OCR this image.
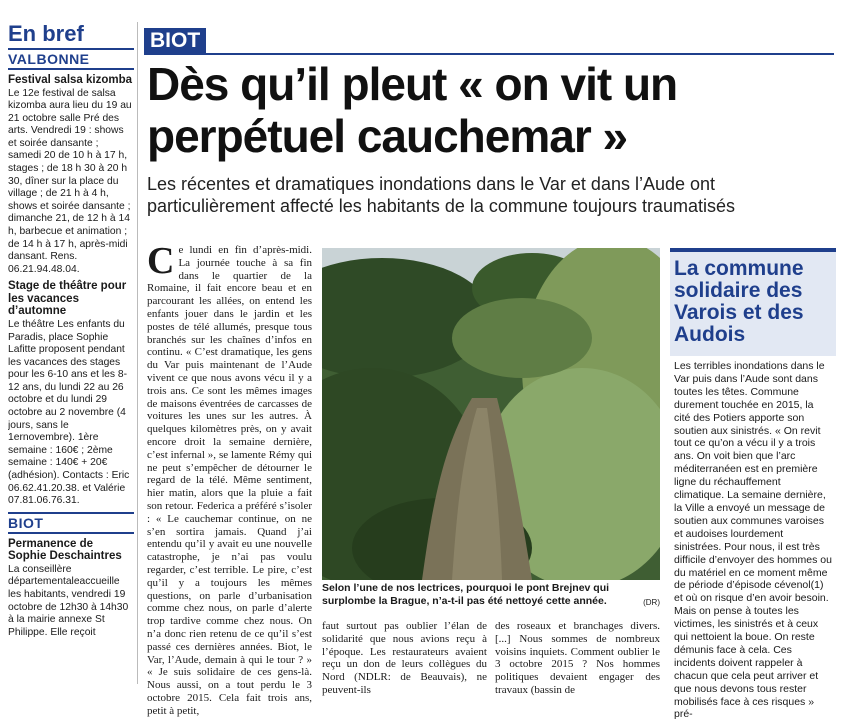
En bref
VALBONNE
Festival salsa kizomba

Le 12e festival de salsa kizomba aura lieu du 19 au 21 octobre salle Pré des arts. Vendredi 19 : shows et soirée dansante ; samedi 20 de 10 h à 17 h, stages ; de 18 h 30 à 20 h 30, dîner sur la place du village ; de 21 h à 4 h, shows et soirée dansante ; dimanche 21, de 12 h à 14 h, barbecue et animation ; de 14 h à 17 h, après-midi dansant. Rens. 06.21.94.48.04.

Stage de théâtre pour les vacances d’automne

Le théâtre Les enfants du Paradis, place Sophie Lafitte proposent pendant les vacances des stages pour les 6-10 ans et les 8-12 ans, du lundi 22 au 26 octobre et du lundi 29 octobre au 2 novembre (4 jours, sans le 1ernovembre). 1ère semaine : 160€ ; 2ème semaine : 140€ + 20€ (adhésion). Contacts : Eric 06.62.41.20.38. et Valérie 07.81.06.76.31.

BIOT
Permanence de Sophie Deschaintres

La conseillère départementaleaccueille les habitants, vendredi 19 octobre de 12h30 à 14h30 à la mairie annexe St Philippe. Elle reçoit

BIOT
Dès qu’il pleut « on vit un perpétuel cauchemar »

Les récentes et dramatiques inondations dans le Var et dans l’Aude ont particulièrement affecté les habitants de la commune toujours traumatisés

C e lundi en fin d’après-midi. La journée touche à sa fin dans le quartier de la Romaine, il fait encore beau et en parcourant les allées, on entend les enfants jouer dans le jardin et les postes de télé allumés, presque tous branchés sur les chaînes d’infos en continu. « C’est dramatique, les gens du Var puis maintenant de l’Aude vivent ce que nous avons vécu il y a trois ans. Ce sont les mêmes images de maisons éventrées de carcasses de voitures les unes sur les autres. À quelques kilomètres près, on y avait encore droit la semaine dernière, c’est infernal », se lamente Rémy qui ne peut s’empêcher de détourner le regard de la télé. Même sentiment, hier matin, alors que la pluie a fait son retour. Federica a préféré s’isoler : « Le cauchemar continue, on ne s’en sortira jamais. Quand j’ai entendu qu’il y avait eu une nouvelle catastrophe, je n’ai pas voulu regarder, c’est terrible. Le pire, c’est qu’il y a toujours les mêmes questions, on parle d’urbanisation comme chez nous, on parle d’alerte trop tardive comme chez nous. On n’a donc rien retenu de ce qu’il s’est passé ces dernières années. Biot, le Var, l’Aude, demain à qui le tour ? » « Je suis solidaire de ces gens-là. Nous aussi, on a tout perdu le 3 octobre 2015. Cela fait trois ans, petit à petit,

Selon l’une de nos lectrices, pourquoi le pont Brejnev qui surplombe la Brague, n’a-t-il pas été nettoyé cette année.	(DR)

faut surtout pas oublier l’élan de solidarité que nous avions reçu à l’époque. Les restaurateurs avaient reçu un don de leurs collègues du Nord (NDLR: de Beauvais), ne peuvent-ils

des roseaux et branchages divers. [...] Nous sommes de nombreux voisins inquiets. Comment oublier le 3 octobre 2015 ? Nos hommes politiques devaient engager des travaux (bassin de

La commune solidaire des Varois et des Audois

Les terribles inondations dans le Var puis dans l’Aude sont dans toutes les têtes. Commune durement touchée en 2015, la cité des Potiers apporte son soutien aux sinistrés. « On revit tout ce qu’on a vécu il y a trois ans. On voit bien que l’arc méditerranéen est en première ligne du réchauffement climatique. La semaine dernière, la Ville a envoyé un message de soutien aux communes varoises et audoises lourdement sinistrées. Pour nous, il est très difficile d’envoyer des hommes ou du matériel en ce moment même de période d’épisode cévenol(1) et où on risque d’en avoir besoin. Mais on pense à toutes les victimes, les sinistrés et à ceux qui nettoient la boue. On reste démunis face à cela. Ces incidents doivent rappeler à chacun que cela peut arriver et que nous devons tous rester mobilisés face à ces risques » pré-
